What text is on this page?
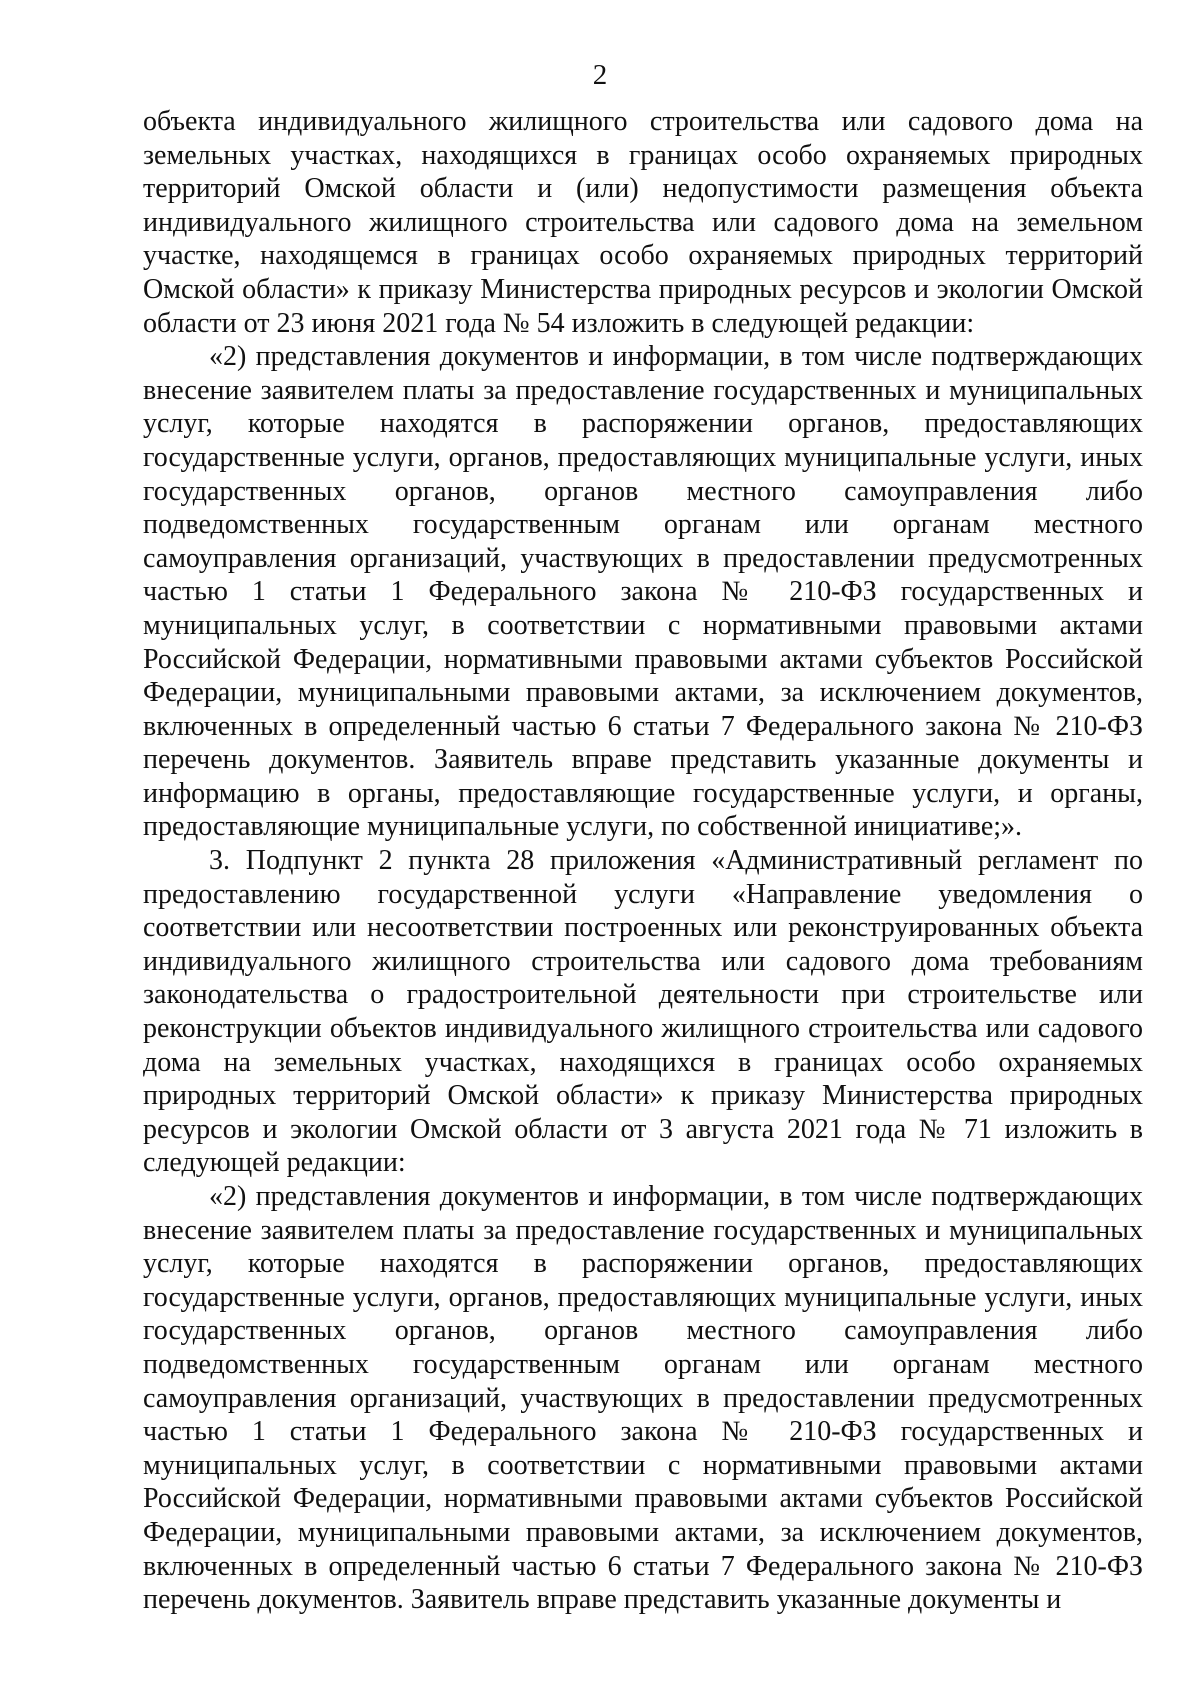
2

объекта индивидуального жилищного строительства или садового дома на земельных участках, находящихся в границах особо охраняемых природных территорий Омской области и (или) недопустимости размещения объекта индивидуального жилищного строительства или садового дома на земельном участке, находящемся в границах особо охраняемых природных территорий Омской области» к приказу Министерства природных ресурсов и экологии Омской области от 23 июня 2021 года № 54 изложить в следующей редакции:

«2) представления документов и информации, в том числе подтверждающих внесение заявителем платы за предоставление государственных и муниципальных услуг, которые находятся в распоряжении органов, предоставляющих государственные услуги, органов, предоставляющих муниципальные услуги, иных государственных органов, органов местного самоуправления либо подведомственных государственным органам или органам местного самоуправления организаций, участвующих в предоставлении предусмотренных частью 1 статьи 1 Федерального закона № 210-ФЗ государственных и муниципальных услуг, в соответствии с нормативными правовыми актами Российской Федерации, нормативными правовыми актами субъектов Российской Федерации, муниципальными правовыми актами, за исключением документов, включенных в определенный частью 6 статьи 7 Федерального закона № 210-ФЗ перечень документов. Заявитель вправе представить указанные документы и информацию в органы, предоставляющие государственные услуги, и органы, предоставляющие муниципальные услуги, по собственной инициативе;».

3. Подпункт 2 пункта 28 приложения «Административный регламент по предоставлению государственной услуги «Направление уведомления о соответствии или несоответствии построенных или реконструированных объекта индивидуального жилищного строительства или садового дома требованиям законодательства о градостроительной деятельности при строительстве или реконструкции объектов индивидуального жилищного строительства или садового дома на земельных участках, находящихся в границах особо охраняемых природных территорий Омской области» к приказу Министерства природных ресурсов и экологии Омской области от 3 августа 2021 года № 71 изложить в следующей редакции:

«2) представления документов и информации, в том числе подтверждающих внесение заявителем платы за предоставление государственных и муниципальных услуг, которые находятся в распоряжении органов, предоставляющих государственные услуги, органов, предоставляющих муниципальные услуги, иных государственных органов, органов местного самоуправления либо подведомственных государственным органам или органам местного самоуправления организаций, участвующих в предоставлении предусмотренных частью 1 статьи 1 Федерального закона № 210-ФЗ государственных и муниципальных услуг, в соответствии с нормативными правовыми актами Российской Федерации, нормативными правовыми актами субъектов Российской Федерации, муниципальными правовыми актами, за исключением документов, включенных в определенный частью 6 статьи 7 Федерального закона № 210-ФЗ перечень документов. Заявитель вправе представить указанные документы и
